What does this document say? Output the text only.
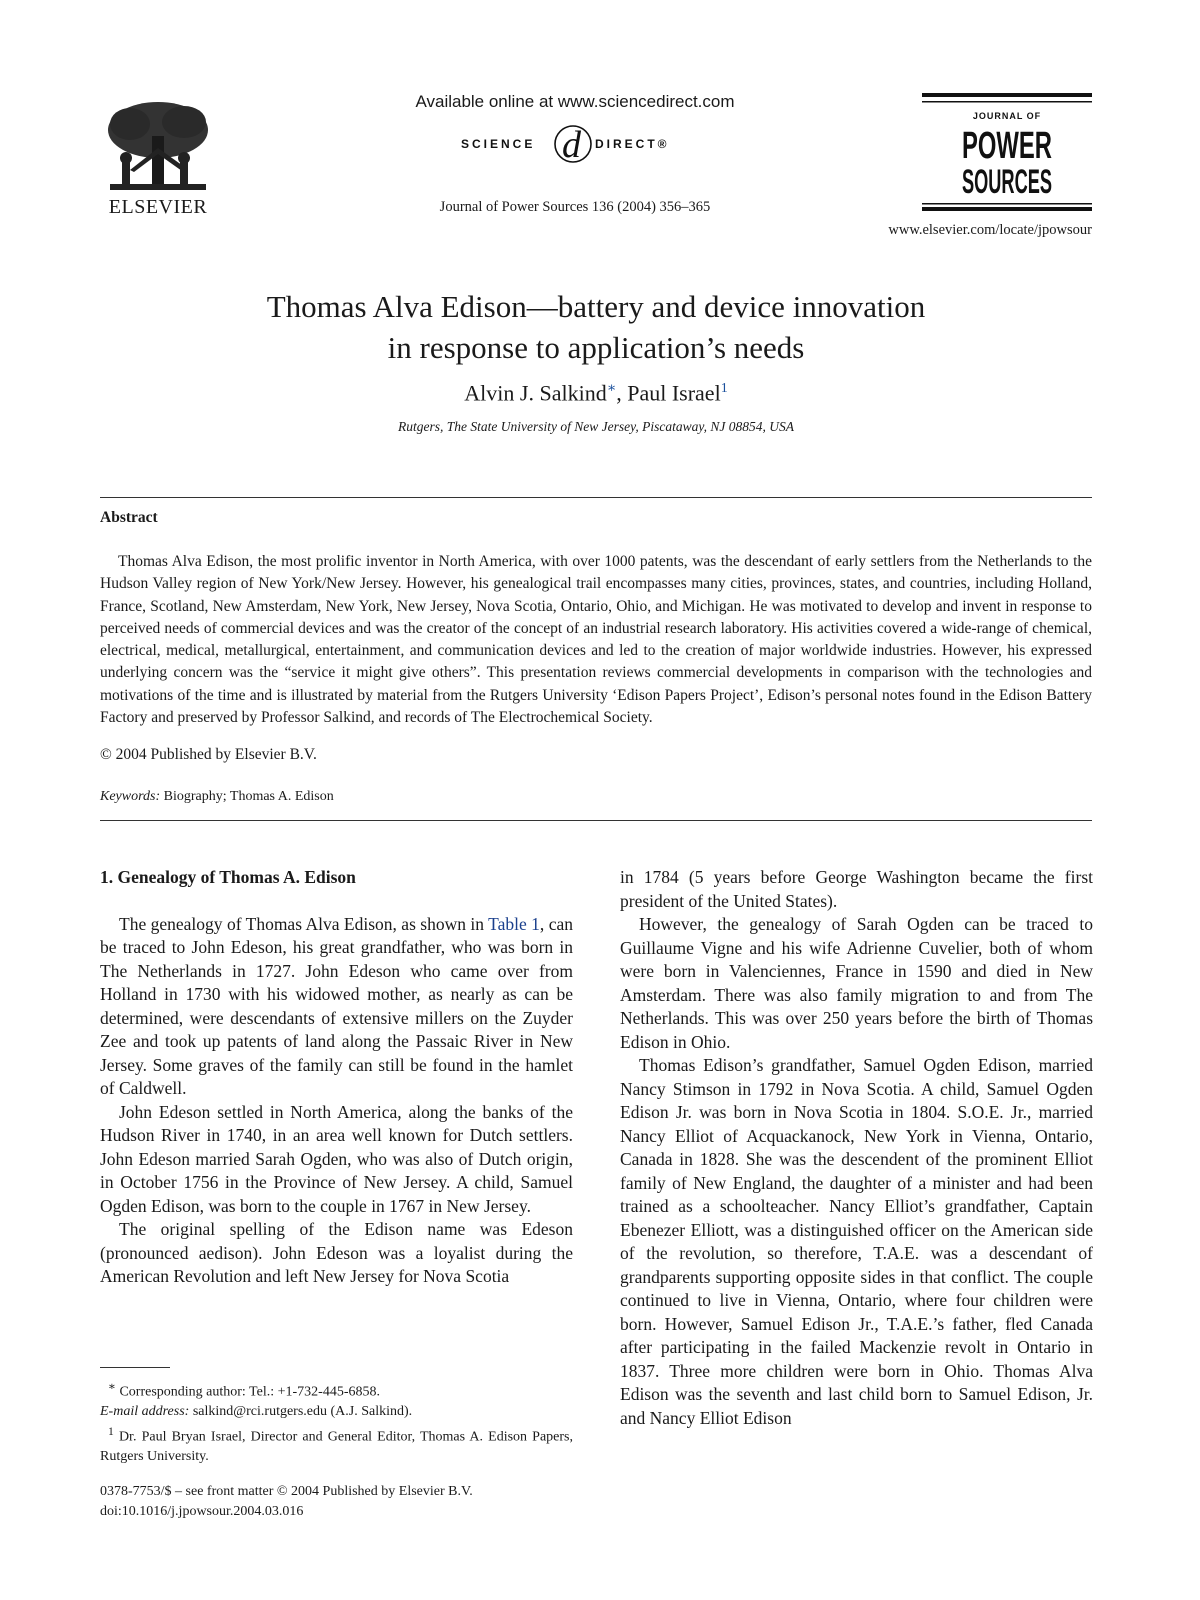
ELSEVIER
Available online at www.sciencedirect.com
SCIENCE d DIRECT®
Journal of Power Sources 136 (2004) 356–365
JOURNAL OF
POWER
SOURCES
www.elsevier.com/locate/jpowsour
Thomas Alva Edison—battery and device innovation
in response to application’s needs
Alvin J. Salkind∗, Paul Israel$^1$
Rutgers, The State University of New Jersey, Piscataway, NJ 08854, USA
Abstract

Thomas Alva Edison, the most prolific inventor in North America, with over 1000 patents, was the descendant of early settlers from the Netherlands to the Hudson Valley region of New York/New Jersey. However, his genealogical trail encompasses many cities, provinces, states, and countries, including Holland, France, Scotland, New Amsterdam, New York, New Jersey, Nova Scotia, Ontario, Ohio, and Michigan. He was motivated to develop and invent in response to perceived needs of commercial devices and was the creator of the concept of an industrial research laboratory. His activities covered a wide-range of chemical, electrical, medical, metallurgical, entertainment, and communication devices and led to the creation of major worldwide industries. However, his expressed underlying concern was the “service it might give others”. This presentation reviews commercial developments in comparison with the technologies and motivations of the time and is illustrated by material from the Rutgers University ‘Edison Papers Project’, Edison’s personal notes found in the Edison Battery Factory and preserved by Professor Salkind, and records of The Electrochemical Society.

© 2004 Published by Elsevier B.V.
Keywords: Biography; Thomas A. Edison
1. Genealogy of Thomas A. Edison

The genealogy of Thomas Alva Edison, as shown in Table 1, can be traced to John Edeson, his great grandfather, who was born in The Netherlands in 1727. John Edeson who came over from Holland in 1730 with his widowed mother, as nearly as can be determined, were descendants of extensive millers on the Zuyder Zee and took up patents of land along the Passaic River in New Jersey. Some graves of the family can still be found in the hamlet of Caldwell.

John Edeson settled in North America, along the banks of the Hudson River in 1740, in an area well known for Dutch settlers. John Edeson married Sarah Ogden, who was also of Dutch origin, in October 1756 in the Province of New Jersey. A child, Samuel Ogden Edison, was born to the couple in 1767 in New Jersey.

The original spelling of the Edison name was Edeson (pronounced aedison). John Edeson was a loyalist during the American Revolution and left New Jersey for Nova Scotia

in 1784 (5 years before George Washington became the first president of the United States).

However, the genealogy of Sarah Ogden can be traced to Guillaume Vigne and his wife Adrienne Cuvelier, both of whom were born in Valenciennes, France in 1590 and died in New Amsterdam. There was also family migration to and from The Netherlands. This was over 250 years before the birth of Thomas Edison in Ohio.

Thomas Edison’s grandfather, Samuel Ogden Edison, married Nancy Stimson in 1792 in Nova Scotia. A child, Samuel Ogden Edison Jr. was born in Nova Scotia in 1804. S.O.E. Jr., married Nancy Elliot of Acquackanock, New York in Vienna, Ontario, Canada in 1828. She was the descendent of the prominent Elliot family of New England, the daughter of a minister and had been trained as a schoolteacher. Nancy Elliot’s grandfather, Captain Ebenezer Elliott, was a distinguished officer on the American side of the revolution, so therefore, T.A.E. was a descendant of grandparents supporting opposite sides in that conflict. The couple continued to live in Vienna, Ontario, where four children were born. However, Samuel Edison Jr., T.A.E.’s father, fled Canada after participating in the failed Mackenzie revolt in Ontario in 1837. Three more children were born in Ohio. Thomas Alva Edison was the seventh and last child born to Samuel Edison, Jr. and Nancy Elliot Edison

∗ Corresponding author: Tel.: +1-732-445-6858.

E-mail address: salkind@rci.rutgers.edu (A.J. Salkind).

$^1$ Dr. Paul Bryan Israel, Director and General Editor, Thomas A. Edison Papers, Rutgers University.

0378-7753/$ – see front matter © 2004 Published by Elsevier B.V.
doi:10.1016/j.jpowsour.2004.03.016
